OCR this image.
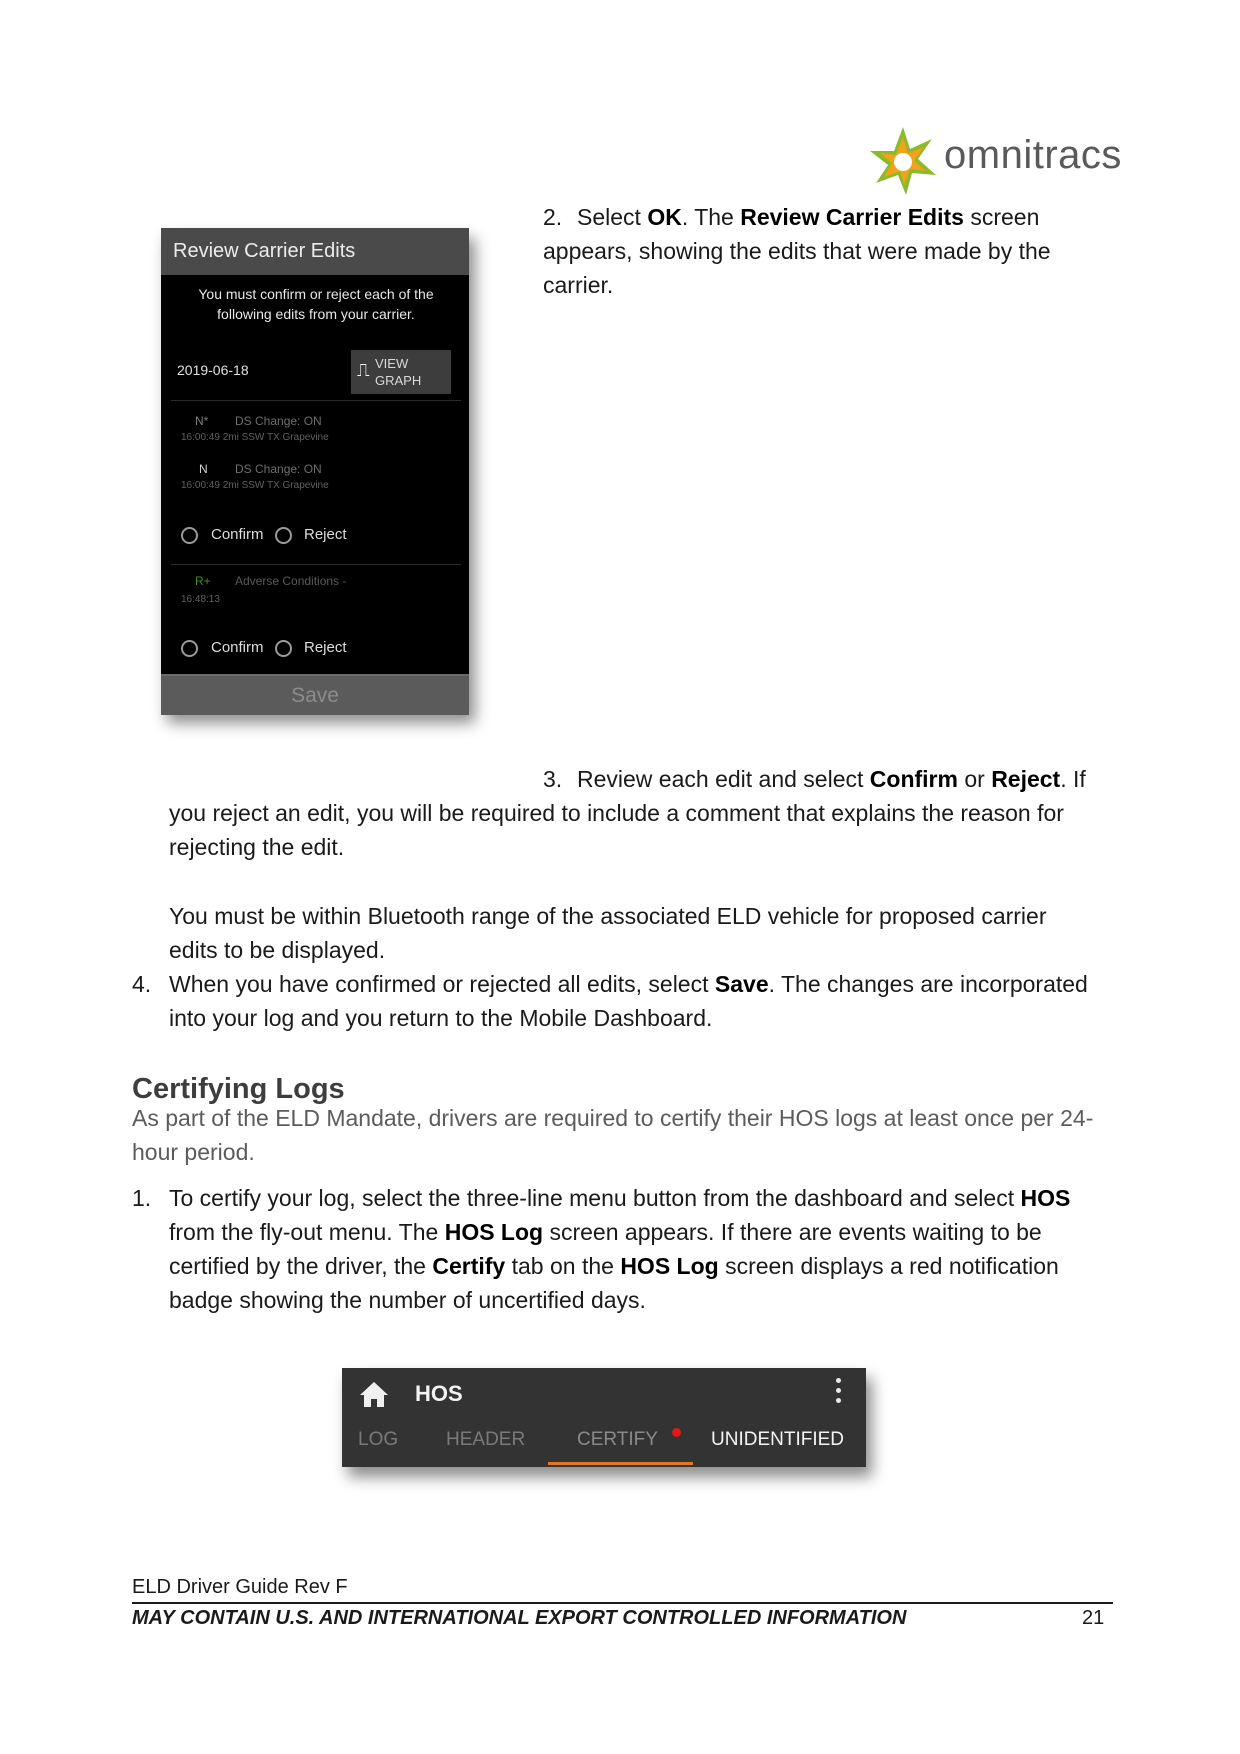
omnitracs
2. Select OK. The Review Carrier Edits screen
appears, showing the edits that were made by the
carrier.
Review Carrier Edits
You must confirm or reject each of the
following edits from your carrier.
2019-06-18	⎍ VIEW
GRAPH
N* DS Change: ON
16:00:49 2mi SSW TX Grapevine
N DS Change: ON
16:00:49 2mi SSW TX Grapevine
Confirm	Reject
R+ Adverse Conditions -
16:48:13
Confirm	Reject
Save
3. Review each edit and select Confirm or Reject. If
you reject an edit, you will be required to include a comment that explains the reason for
rejecting the edit.
You must be within Bluetooth range of the associated ELD vehicle for proposed carrier
edits to be displayed.
4. When you have confirmed or rejected all edits, select Save. The changes are incorporated
into your log and you return to the Mobile Dashboard.
Certifying Logs
As part of the ELD Mandate, drivers are required to certify their HOS logs at least once per 24-
hour period.
1. To certify your log, select the three-line menu button from the dashboard and select HOS
from the fly-out menu. The HOS Log screen appears. If there are events waiting to be
certified by the driver, the Certify tab on the HOS Log screen displays a red notification
badge showing the number of uncertified days.
HOS
LOG	HEADER	CERTIFY	UNIDENTIFIED
ELD Driver Guide Rev F
MAY CONTAIN U.S. AND INTERNATIONAL EXPORT CONTROLLED INFORMATION	21
